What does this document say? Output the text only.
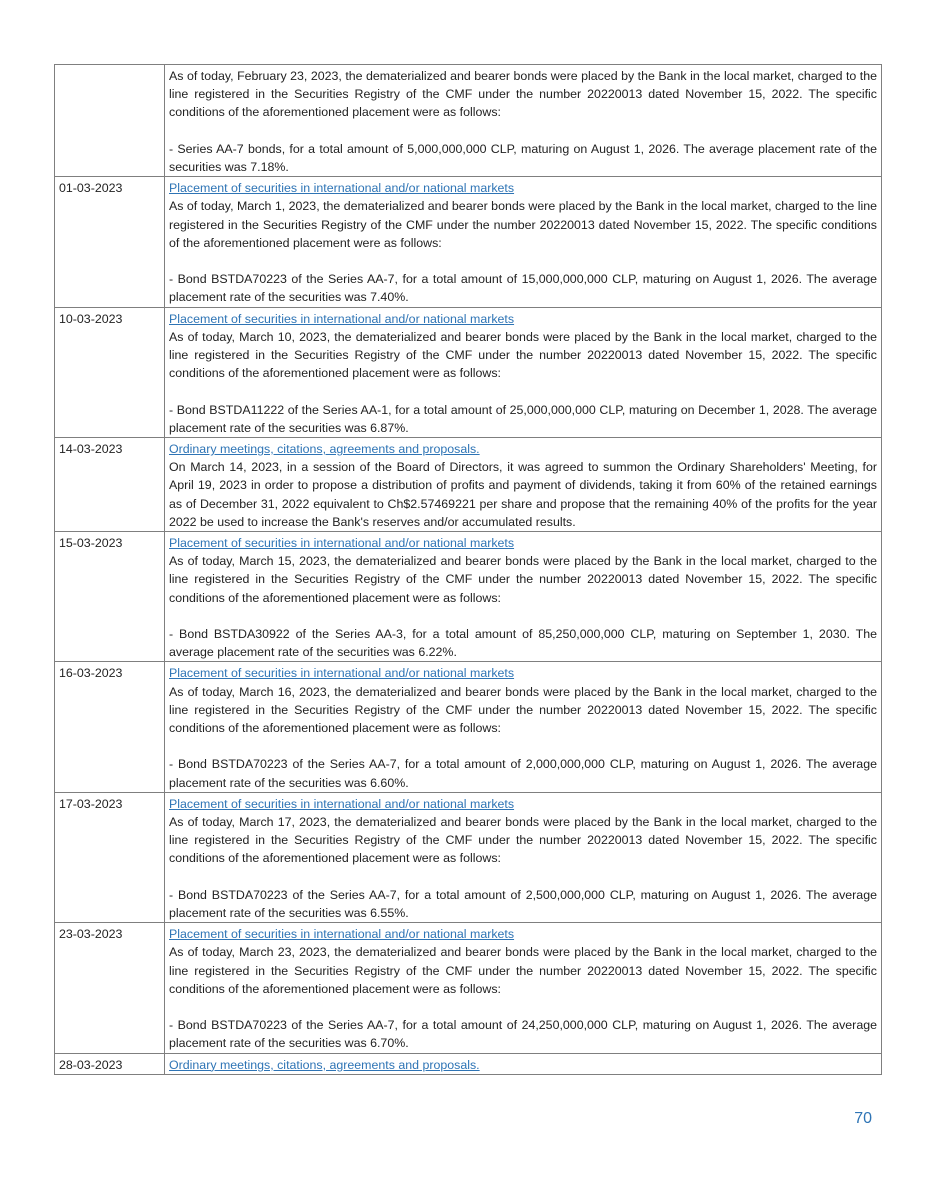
	As of today, February 23, 2023, the dematerialized and bearer bonds were placed by the Bank in the local market, charged to the line registered in the Securities Registry of the CMF under the number 20220013 dated November 15, 2022. The specific conditions of the aforementioned placement were as follows:
- Series AA-7 bonds, for a total amount of 5,000,000,000 CLP, maturing on August 1, 2026. The average placement rate of the securities was 7.18%.

01-03-2023	Placement of securities in international and/or national markets
As of today, March 1, 2023, the dematerialized and bearer bonds were placed by the Bank in the local market, charged to the line registered in the Securities Registry of the CMF under the number 20220013 dated November 15, 2022. The specific conditions of the aforementioned placement were as follows:
- Bond BSTDA70223 of the Series AA-7, for a total amount of 15,000,000,000 CLP, maturing on August 1, 2026. The average placement rate of the securities was 7.40%.

10-03-2023	Placement of securities in international and/or national markets
As of today, March 10, 2023, the dematerialized and bearer bonds were placed by the Bank in the local market, charged to the line registered in the Securities Registry of the CMF under the number 20220013 dated November 15, 2022. The specific conditions of the aforementioned placement were as follows:
- Bond BSTDA11222 of the Series AA-1, for a total amount of 25,000,000,000 CLP, maturing on December 1, 2028. The average placement rate of the securities was 6.87%.

14-03-2023	Ordinary meetings, citations, agreements and proposals.
On March 14, 2023, in a session of the Board of Directors, it was agreed to summon the Ordinary Shareholders' Meeting, for April 19, 2023 in order to propose a distribution of profits and payment of dividends, taking it from 60% of the retained earnings as of December 31, 2022 equivalent to Ch$2.57469221 per share and propose that the remaining 40% of the profits for the year 2022 be used to increase the Bank's reserves and/or accumulated results.

15-03-2023	Placement of securities in international and/or national markets
As of today, March 15, 2023, the dematerialized and bearer bonds were placed by the Bank in the local market, charged to the line registered in the Securities Registry of the CMF under the number 20220013 dated November 15, 2022. The specific conditions of the aforementioned placement were as follows:
- Bond BSTDA30922 of the Series AA-3, for a total amount of 85,250,000,000 CLP, maturing on September 1, 2030. The average placement rate of the securities was 6.22%.

16-03-2023	Placement of securities in international and/or national markets
As of today, March 16, 2023, the dematerialized and bearer bonds were placed by the Bank in the local market, charged to the line registered in the Securities Registry of the CMF under the number 20220013 dated November 15, 2022. The specific conditions of the aforementioned placement were as follows:
- Bond BSTDA70223 of the Series AA-7, for a total amount of 2,000,000,000 CLP, maturing on August 1, 2026. The average placement rate of the securities was 6.60%.

17-03-2023	Placement of securities in international and/or national markets
As of today, March 17, 2023, the dematerialized and bearer bonds were placed by the Bank in the local market, charged to the line registered in the Securities Registry of the CMF under the number 20220013 dated November 15, 2022. The specific conditions of the aforementioned placement were as follows:
- Bond BSTDA70223 of the Series AA-7, for a total amount of 2,500,000,000 CLP, maturing on August 1, 2026. The average placement rate of the securities was 6.55%.

23-03-2023	Placement of securities in international and/or national markets
As of today, March 23, 2023, the dematerialized and bearer bonds were placed by the Bank in the local market, charged to the line registered in the Securities Registry of the CMF under the number 20220013 dated November 15, 2022. The specific conditions of the aforementioned placement were as follows:
- Bond BSTDA70223 of the Series AA-7, for a total amount of 24,250,000,000 CLP, maturing on August 1, 2026. The average placement rate of the securities was 6.70%.

28-03-2023	Ordinary meetings, citations, agreements and proposals.
70
